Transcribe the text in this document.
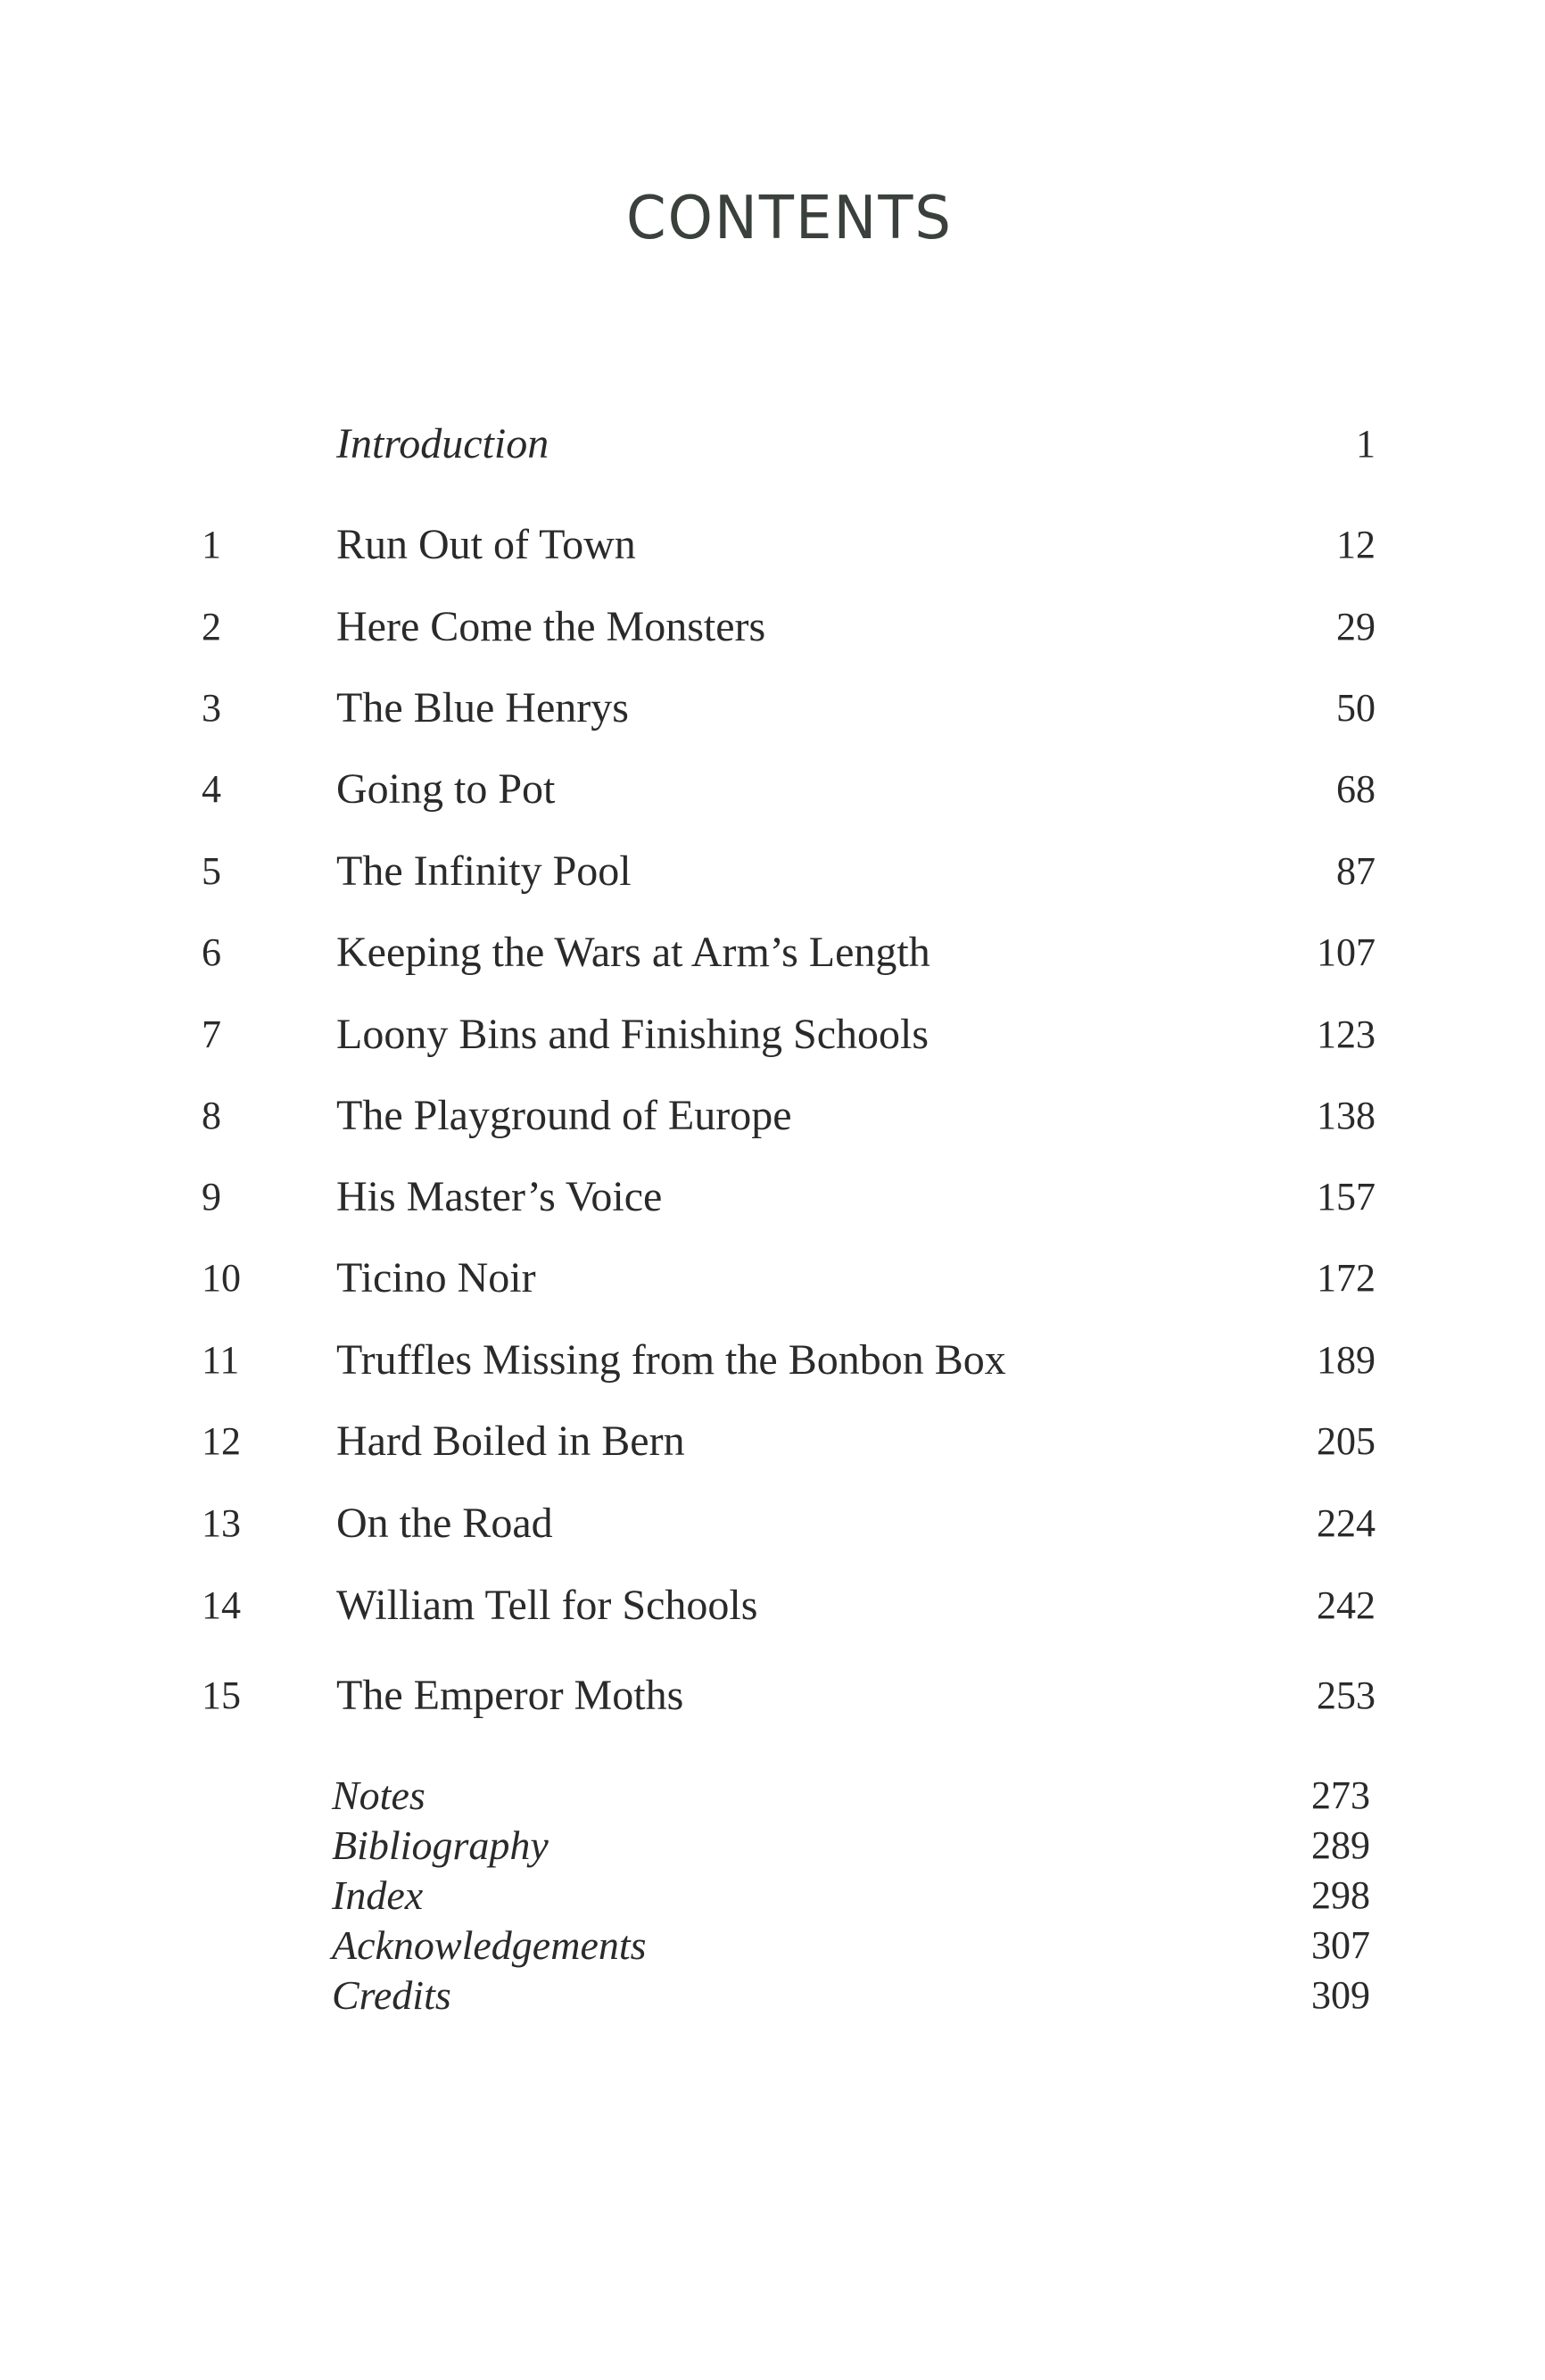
CONTENTS
Introduction	1
1	Run Out of Town	12
2	Here Come the Monsters	29
3	The Blue Henrys	50
4	Going to Pot	68
5	The Infinity Pool	87
6	Keeping the Wars at Arm’s Length	107
7	Loony Bins and Finishing Schools	123
8	The Playground of Europe	138
9	His Master’s Voice	157
10 Ticino Noir	172
11 Truffles Missing from the Bonbon Box	189
12 Hard Boiled in Bern	205
13 On the Road	224
14 William Tell for Schools	242
15 The Emperor Moths	253
Notes	273
Bibliography	289
Index	298
Acknowledgements	307
Credits	309
